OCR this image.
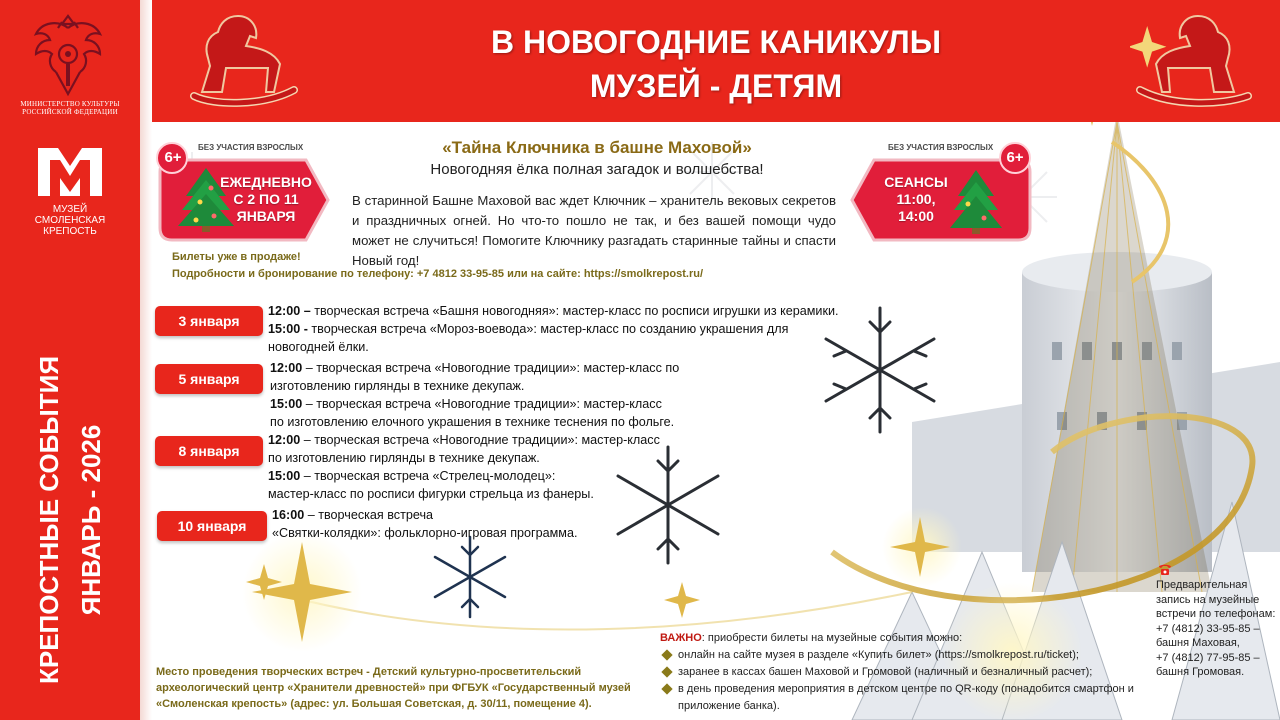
МИНИСТЕРСТВО КУЛЬТУРЫ
РОССИЙСКОЙ ФЕДЕРАЦИИ
МУЗЕЙ
СМОЛЕНСКАЯ
КРЕПОСТЬ
КРЕПОСТНЫЕ СОБЫТИЯ ЯНВАРЬ - 2026
В НОВОГОДНИЕ КАНИКУЛЫ
МУЗЕЙ - ДЕТЯМ
БЕЗ УЧАСТИЯ ВЗРОСЛЫХ
6+
ЕЖЕДНЕВНО
С 2 ПО 11
ЯНВАРЯ
БЕЗ УЧАСТИЯ ВЗРОСЛЫХ
6+
СЕАНСЫ
11:00,
14:00
«Тайна Ключника в башне Маховой»
Новогодняя ёлка полная загадок и волшебства!
В старинной Башне Маховой вас ждет Ключник – хранитель вековых секретов и праздничных огней. Но что-то пошло не так, и без вашей помощи чудо может не случиться! Помогите Ключнику разгадать старинные тайны и спасти Новый год!
Билеты уже в продаже!
Подробности и бронирование по телефону: +7 4812 33-95-85 или на сайте: https://smolkrepost.ru/
3 января
12:00 – творческая встреча «Башня новогодняя»: мастер-класс по росписи игрушки из керамики.
15:00 - творческая встреча «Мороз-воевода»: мастер-класс по созданию украшения для
новогодней ёлки.
5 января
12:00 – творческая встреча «Новогодние традиции»: мастер-класс по
изготовлению гирлянды в технике декупаж.
15:00 – творческая встреча «Новогодние традиции»: мастер-класс
по изготовлению елочного украшения в технике теснения по фольге.
8 января
12:00 – творческая встреча «Новогодние традиции»: мастер-класс
по изготовлению гирлянды в технике декупаж.
15:00 – творческая встреча «Стрелец-молодец»:
мастер-класс по росписи фигурки стрельца из фанеры.
10 января
16:00 – творческая встреча
«Святки-колядки»: фольклорно-игровая программа.
Место проведения творческих встреч - Детский культурно-просветительский археологический центр «Хранители древностей» при ФГБУК «Государственный музей «Смоленская крепость» (адрес: ул. Большая Советская, д. 30/11, помещение 4).
ВАЖНО: приобрести билеты на музейные события можно:
онлайн на сайте музея в разделе «Купить билет» (https://smolkrepost.ru/ticket);
заранее в кассах башен Маховой и Громовой (наличный и безналичный расчет);
в день проведения мероприятия в детском центре по QR-коду (понадобится смартфон и приложение банка).
Предварительная запись на музейные встречи по телефонам:
+7 (4812) 33-95-85 –
башня Маховая,
+7 (4812) 77-95-85 –
башня Громовая.
